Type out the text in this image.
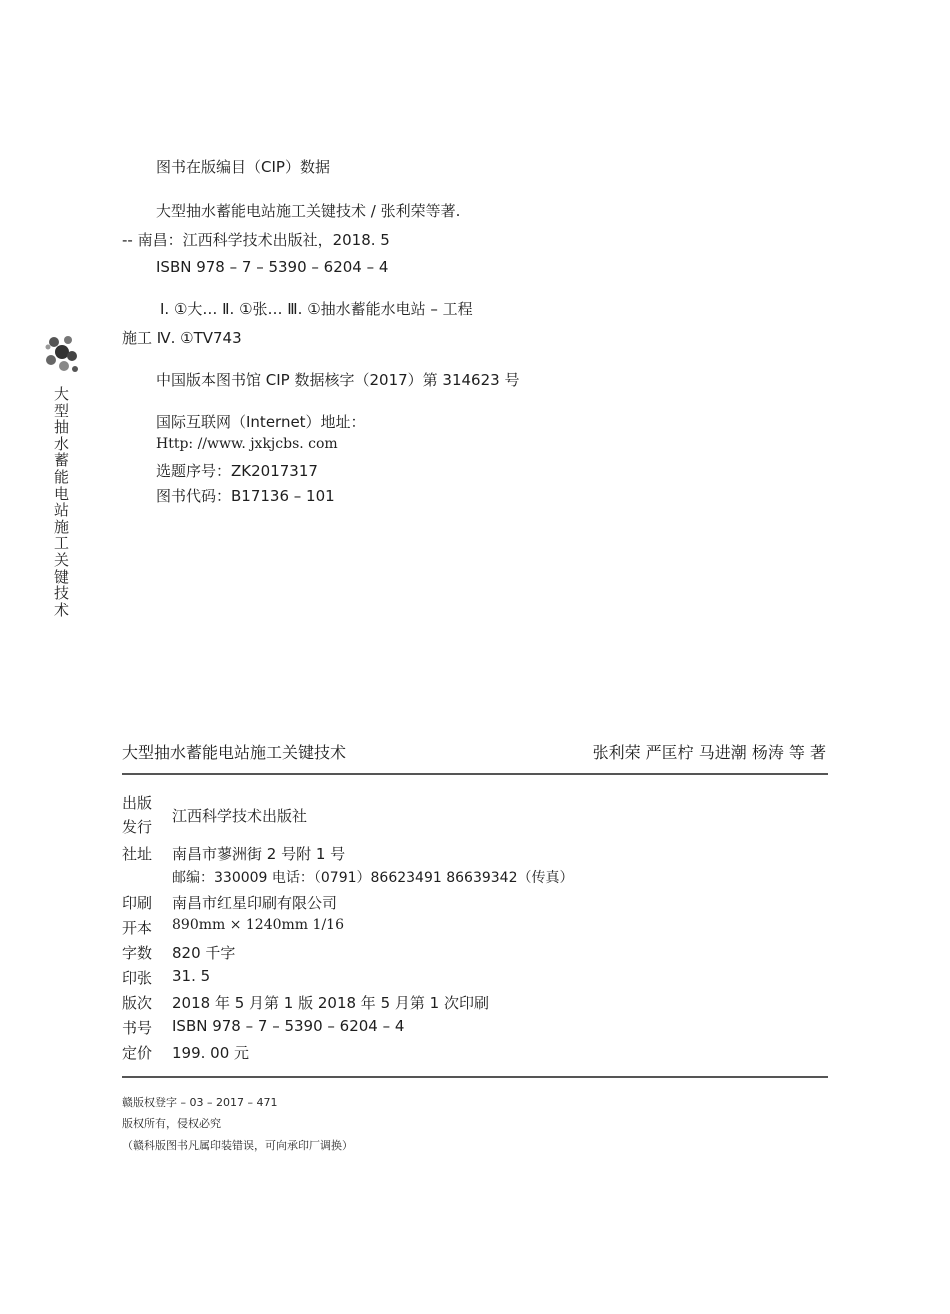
大型抽水蓄能电站施工关键技术
图书在版编目（CIP）数据
大型抽水蓄能电站施工关键技术 / 张利荣等著.
-- 南昌：江西科学技术出版社，2018. 5
ISBN 978 – 7 – 5390 – 6204 – 4
Ⅰ. ①大… Ⅱ. ①张… Ⅲ. ①抽水蓄能水电站 – 工程
施工 Ⅳ. ①TV743
中国版本图书馆 CIP 数据核字（2017）第 314623 号
国际互联网（Internet）地址：
Http: //www. jxkjcbs. com
选题序号：ZK2017317
图书代码：B17136 – 101
大型抽水蓄能电站施工关键技术	张利荣 严匡柠 马进潮 杨涛 等 著
出版
发行
江西科学技术出版社
社址 南昌市蓼洲街 2 号附 1 号
邮编：330009 电话：（0791）86623491 86639342（传真）
印刷 南昌市红星印刷有限公司
开本 890mm × 1240mm 1/16
字数 820 千字
印张 31. 5
版次 2018 年 5 月第 1 版 2018 年 5 月第 1 次印刷
书号 ISBN 978 – 7 – 5390 – 6204 – 4
定价 199. 00 元
赣版权登字 – 03 – 2017 – 471
版权所有，侵权必究
（赣科版图书凡属印装错误，可向承印厂调换）
